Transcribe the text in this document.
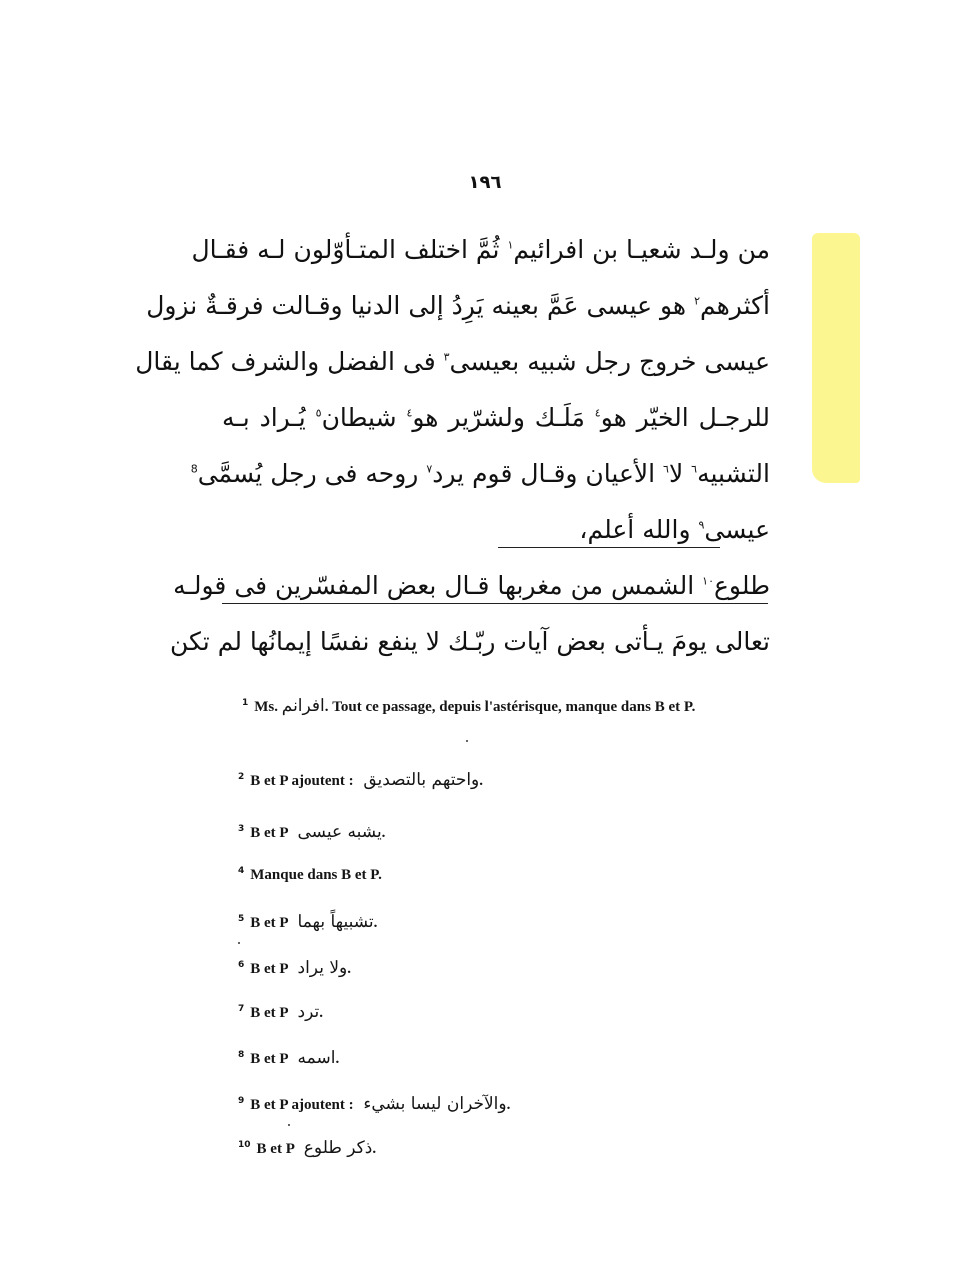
١٩٦
من ولـد شعيـا بن افرائيم$^١$ ثُمَّ اختلف المتـأوّلون لـه فقـال
أكثرهم$^٢$ هو عيسى عَمَّ بعينه يَرِدُ إلى الدنيا وقـالت فرقـةٌ نزول
عيسى خروج رجل شبيه بعيسى$^٣$ فى الفضل والشرف كما يقال
للرجـل الخيّر هو$^٤$ مَلَـك ولشرّير هو$^٤$ شيطان$^٥$ يُـراد بـه
التشبيه$^٦$ لا$^٦$ الأعيان وقـال قوم يرد$^٧$ روحه فى رجل يُسمَّى$^8$
عيسى$^٩$ والله أعلم،
طلوع$^{١٠}$ الشمس من مغربها قـال بعض المفسّرين فى قولـه
تعالى يومَ يـأتى بعض آيات ربّـك لا ينفع نفسًا إيمانُها لم تكن
$^1$ Ms. افرانم. Tout ce passage, depuis l'astérisque, manque dans B et P.
$^2$ B et P ajoutent : واحتهم بالتصديق.
$^3$ B et P يشبه عيسى.
$^4$ Manque dans B et P.
$^5$ B et P تشبيهاً بهما.
$^6$ B et P ولا يراد.
$^7$ B et P ترد.
$^8$ B et P اسمه.
$^9$ B et P ajoutent : والآخران ليسا بشيء.
$^{10}$ B et P ذكر طلوع.
